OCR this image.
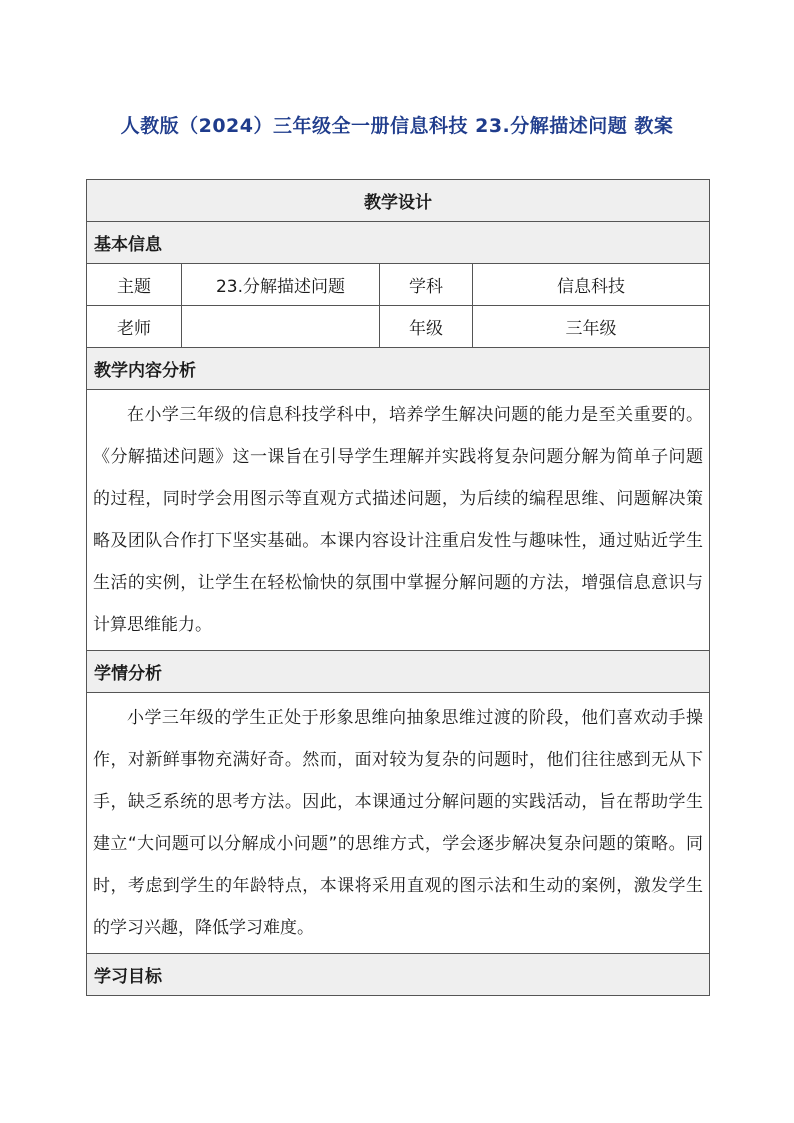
人教版（2024）三年级全一册信息科技 23.分解描述问题 教案
教学设计			
基本信息			
主题	23.分解描述问题	学科	信息科技
老师		年级	三年级
教学内容分析			
在小学三年级的信息科技学科中，培养学生解决问题的能力是至关重要的。《分解描述问题》这一课旨在引导学生理解并实践将复杂问题分解为简单子问题的过程，同时学会用图示等直观方式描述问题，为后续的编程思维、问题解决策略及团队合作打下坚实基础。本课内容设计注重启发性与趣味性，通过贴近学生生活的实例，让学生在轻松愉快的氛围中掌握分解问题的方法，增强信息意识与计算思维能力。			
学情分析			
小学三年级的学生正处于形象思维向抽象思维过渡的阶段，他们喜欢动手操作，对新鲜事物充满好奇。然而，面对较为复杂的问题时，他们往往感到无从下手，缺乏系统的思考方法。因此，本课通过分解问题的实践活动，旨在帮助学生建立“大问题可以分解成小问题”的思维方式，学会逐步解决复杂问题的策略。同时，考虑到学生的年龄特点，本课将采用直观的图示法和生动的案例，激发学生的学习兴趣，降低学习难度。			
学习目标			
